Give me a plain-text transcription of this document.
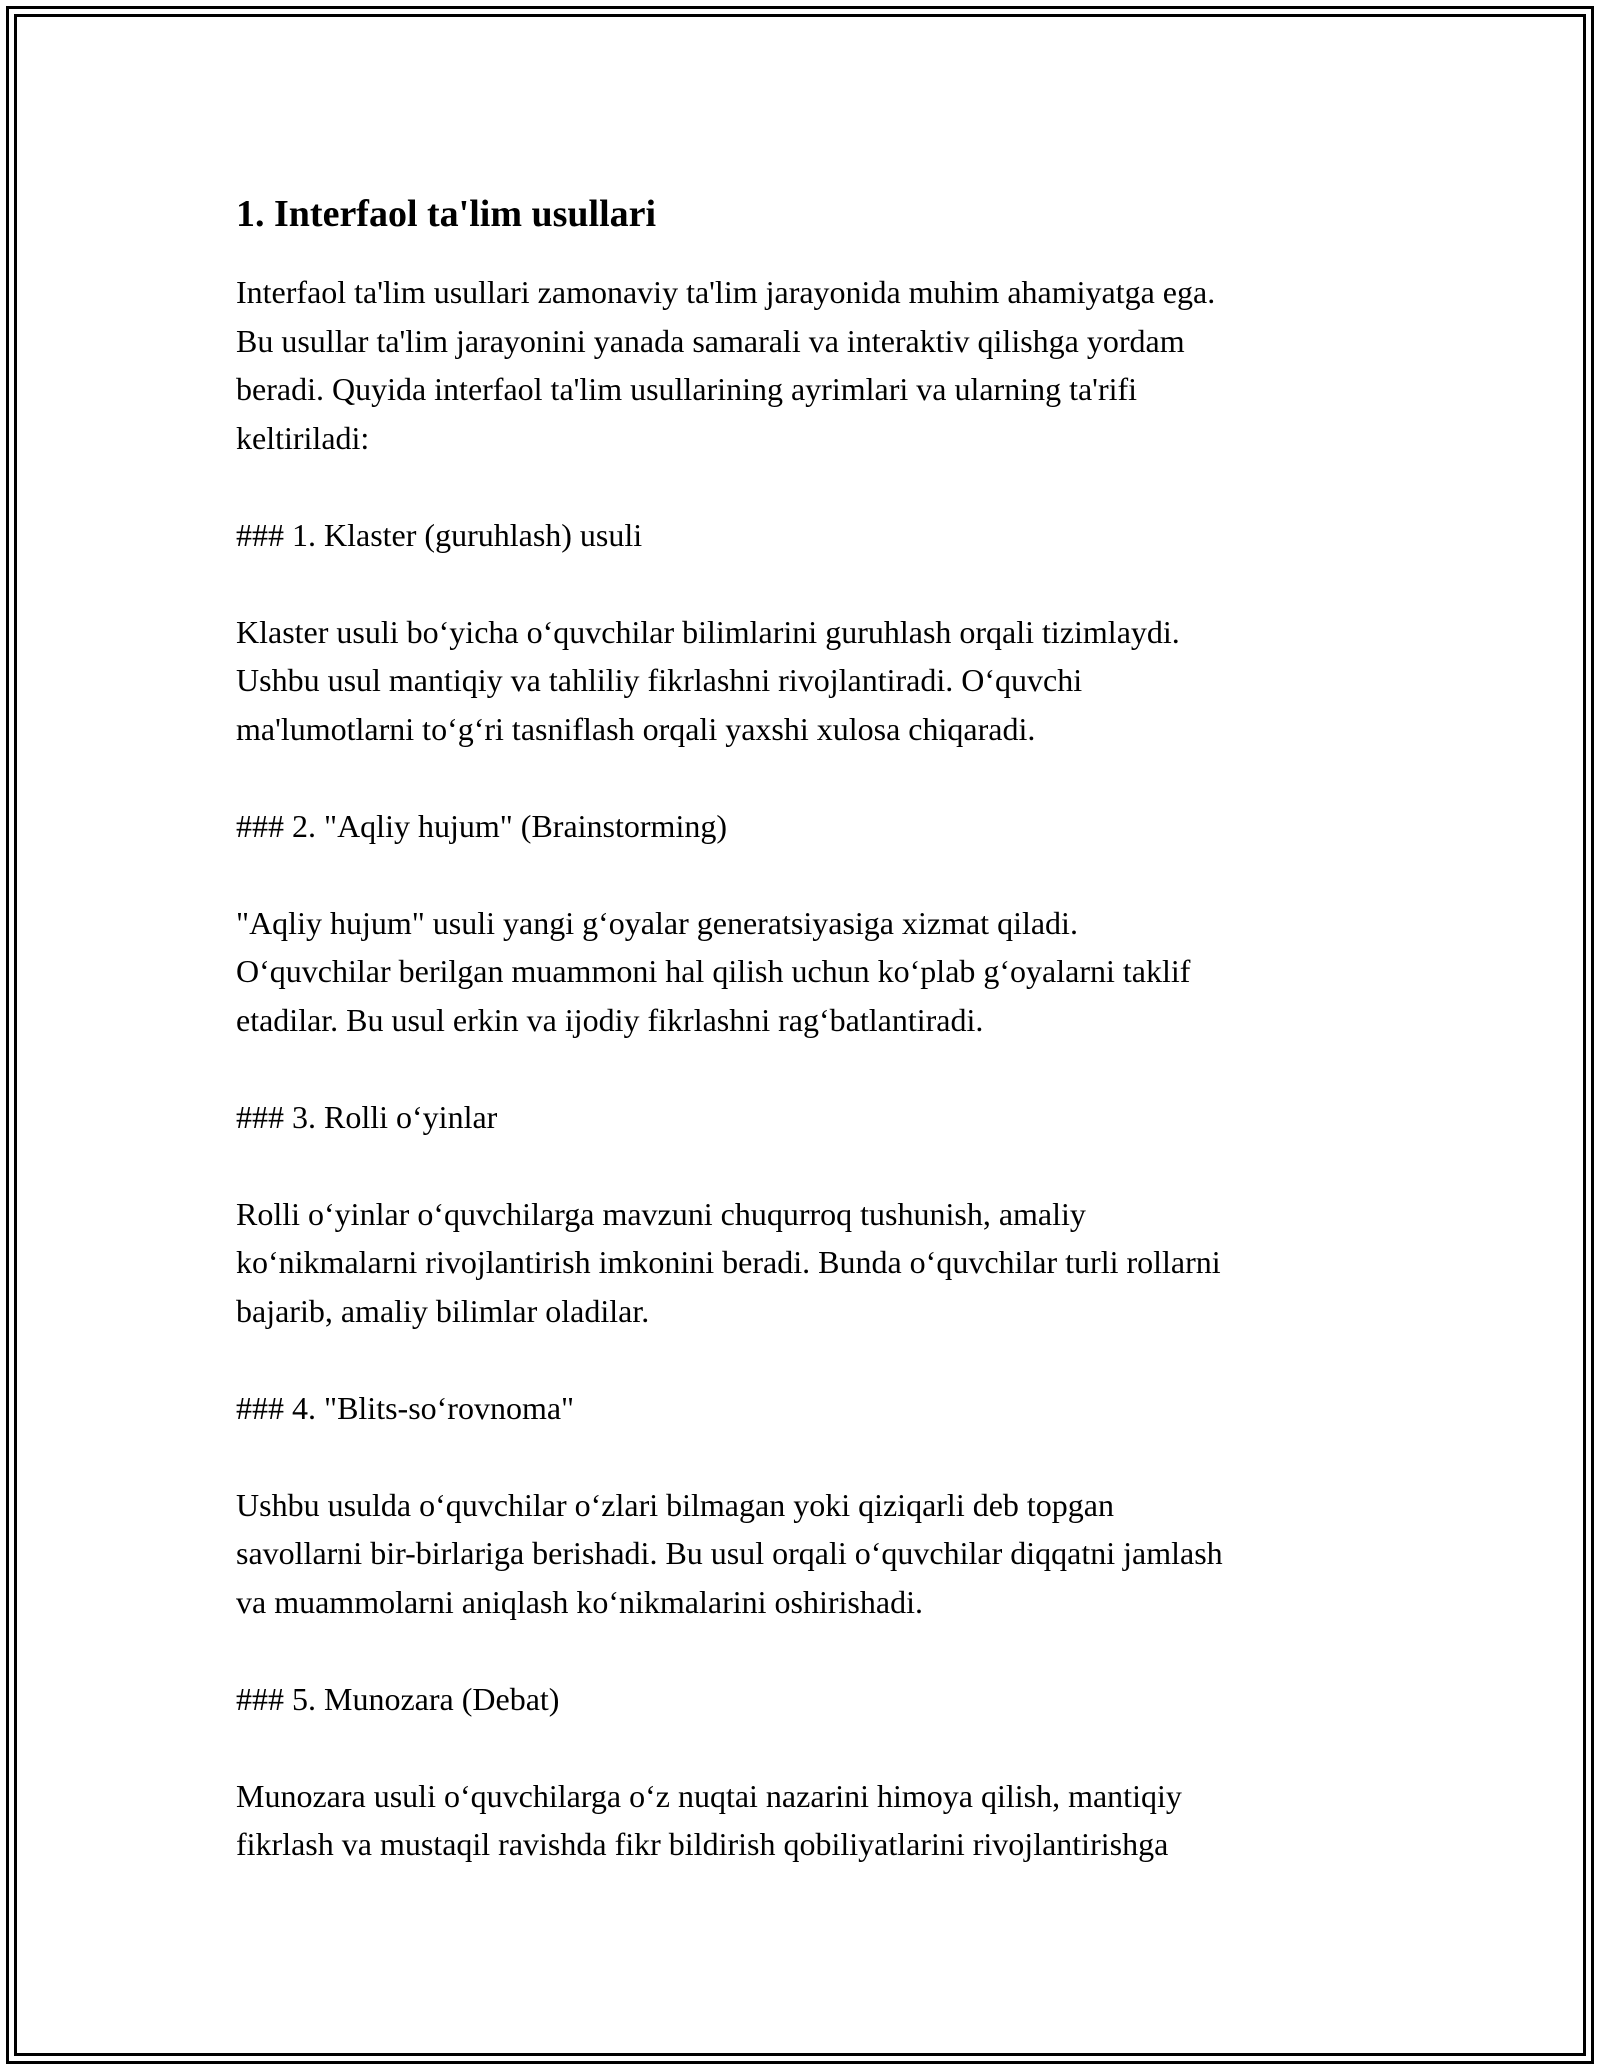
1. Interfaol ta'lim usullari

Interfaol ta'lim usullari zamonaviy ta'lim jarayonida muhim ahamiyatga ega.

Bu usullar ta'lim jarayonini yanada samarali va interaktiv qilishga yordam

beradi. Quyida interfaol ta'lim usullarining ayrimlari va ularning ta'rifi

keltiriladi:

### 1. Klaster (guruhlash) usuli

Klaster usuli bo‘yicha o‘quvchilar bilimlarini guruhlash orqali tizimlaydi.

Ushbu usul mantiqiy va tahliliy fikrlashni rivojlantiradi. O‘quvchi

ma'lumotlarni to‘g‘ri tasniflash orqali yaxshi xulosa chiqaradi.

### 2. "Aqliy hujum" (Brainstorming)

"Aqliy hujum" usuli yangi g‘oyalar generatsiyasiga xizmat qiladi.

O‘quvchilar berilgan muammoni hal qilish uchun ko‘plab g‘oyalarni taklif

etadilar. Bu usul erkin va ijodiy fikrlashni rag‘batlantiradi.

### 3. Rolli o‘yinlar

Rolli o‘yinlar o‘quvchilarga mavzuni chuqurroq tushunish, amaliy

ko‘nikmalarni rivojlantirish imkonini beradi. Bunda o‘quvchilar turli rollarni

bajarib, amaliy bilimlar oladilar.

### 4. "Blits-so‘rovnoma"

Ushbu usulda o‘quvchilar o‘zlari bilmagan yoki qiziqarli deb topgan

savollarni bir-birlariga berishadi. Bu usul orqali o‘quvchilar diqqatni jamlash

va muammolarni aniqlash ko‘nikmalarini oshirishadi.

### 5. Munozara (Debat)

Munozara usuli o‘quvchilarga o‘z nuqtai nazarini himoya qilish, mantiqiy

fikrlash va mustaqil ravishda fikr bildirish qobiliyatlarini rivojlantirishga
